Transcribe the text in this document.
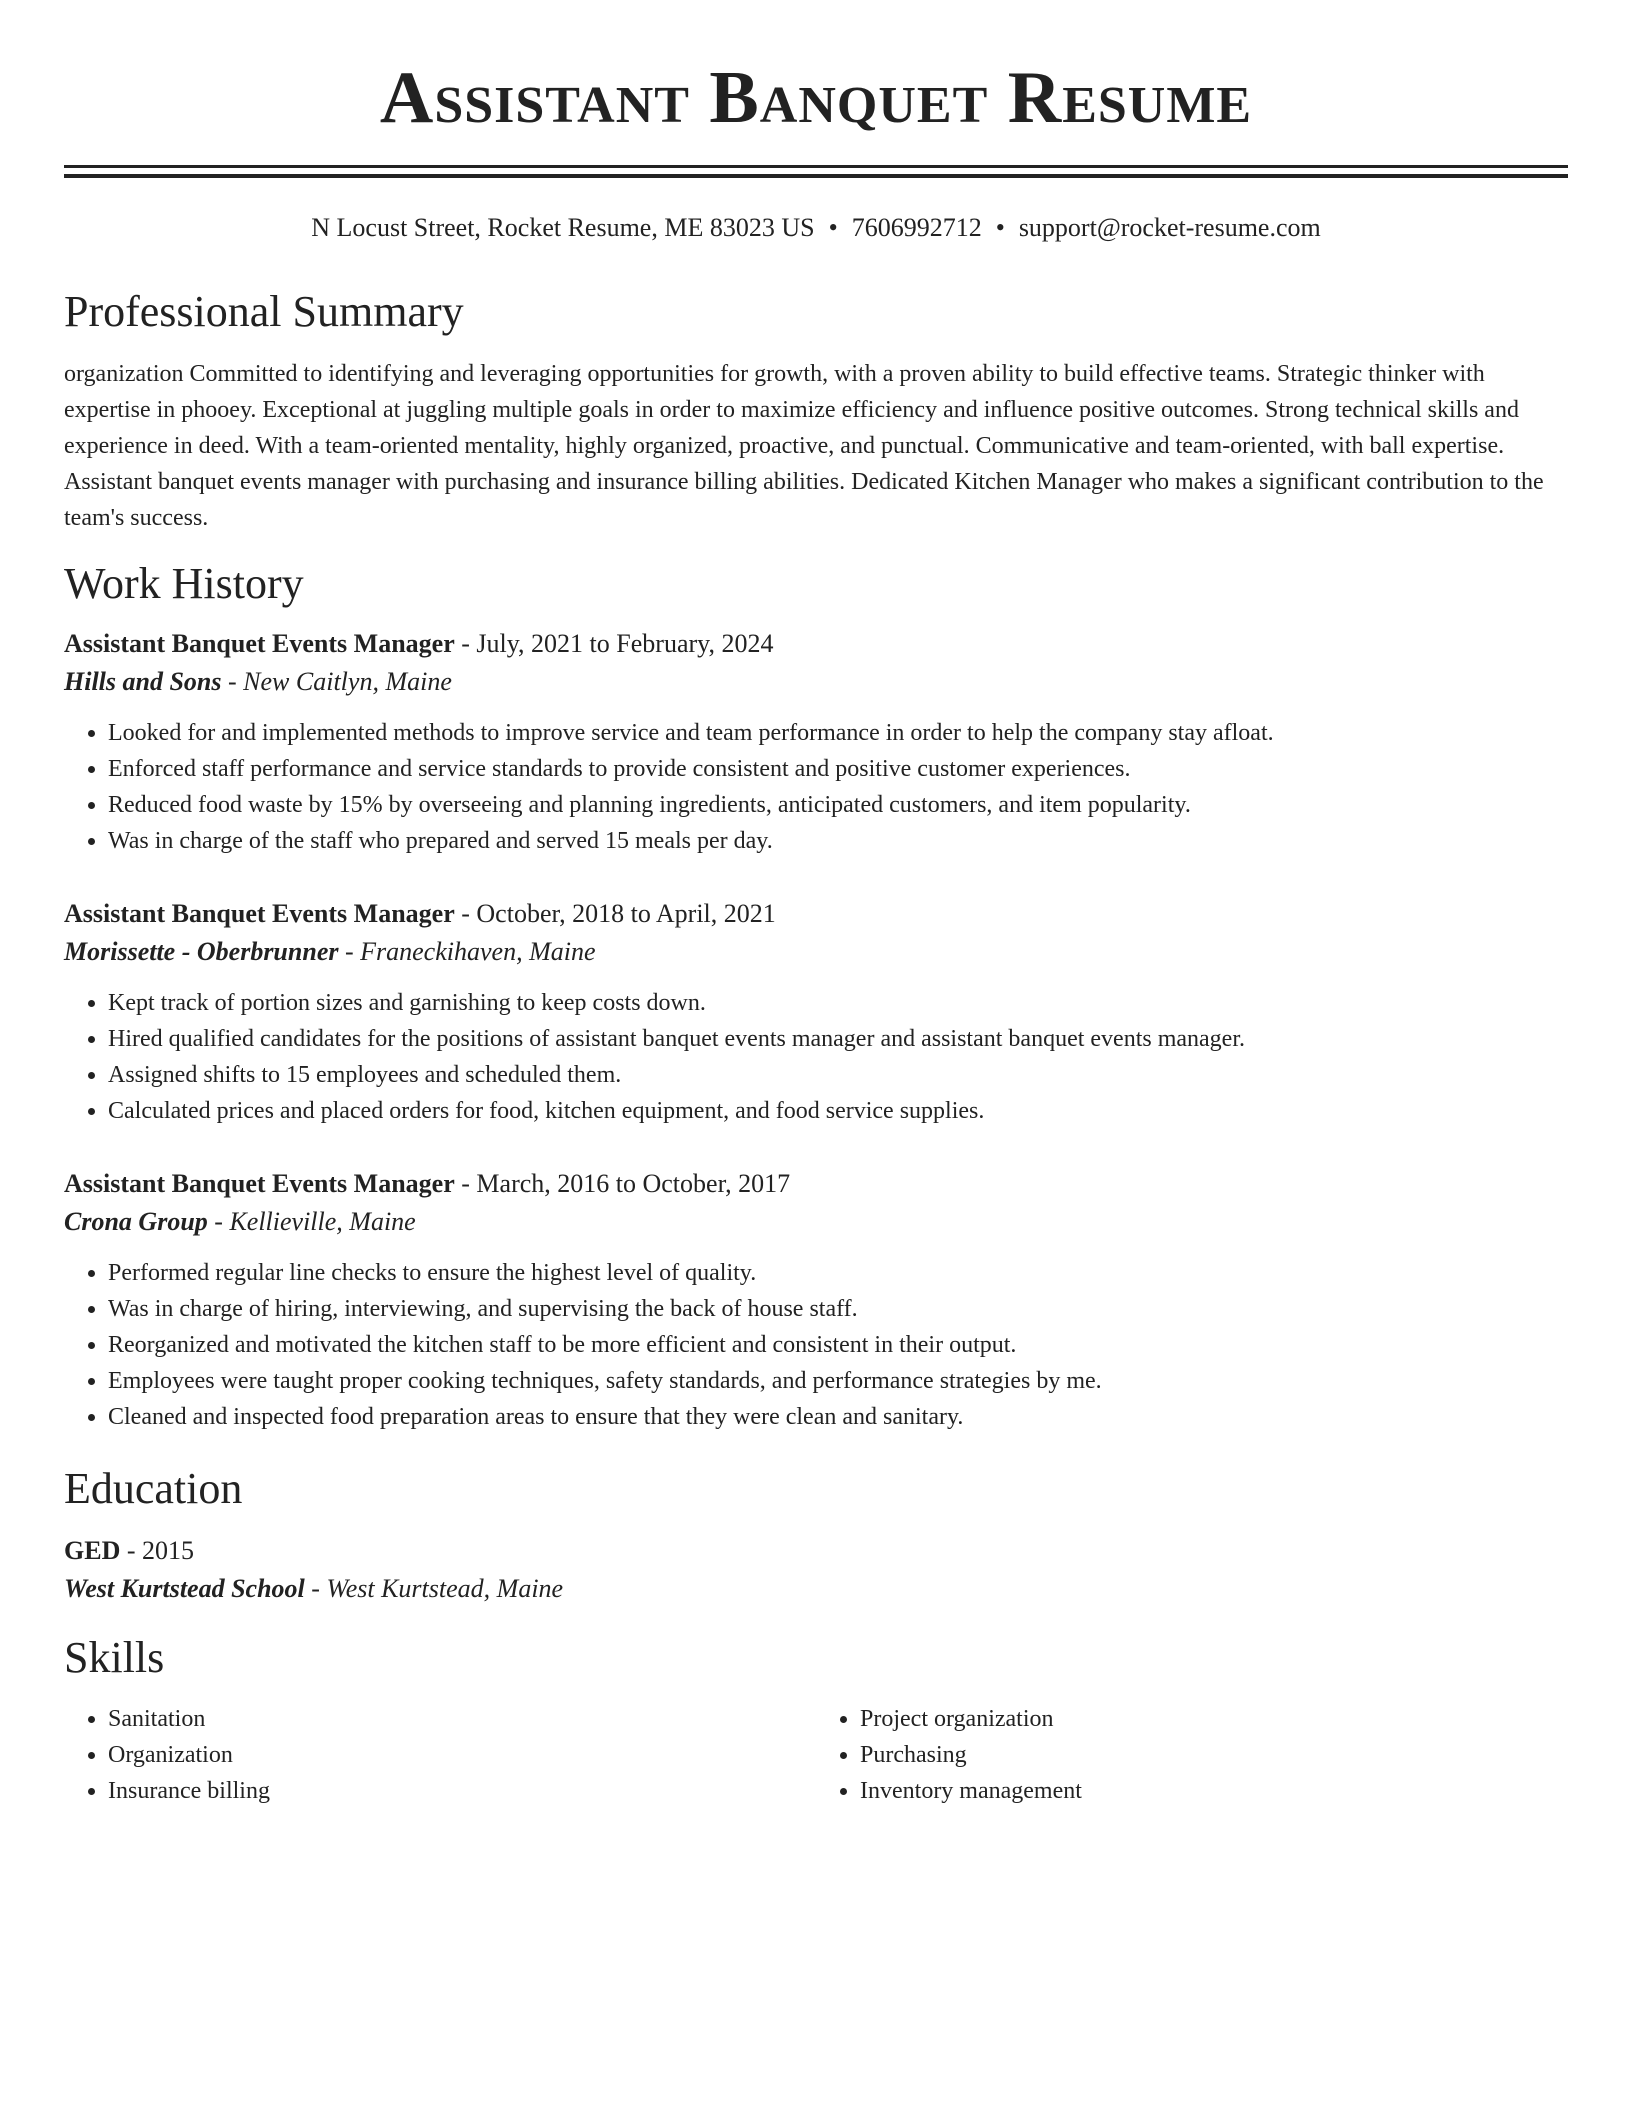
Assistant Banquet Resume
N Locust Street, Rocket Resume, ME 83023 US • 7606992712 • support@rocket-resume.com
Professional Summary
organization Committed to identifying and leveraging opportunities for growth, with a proven ability to build effective teams. Strategic thinker with expertise in phooey. Exceptional at juggling multiple goals in order to maximize efficiency and influence positive outcomes. Strong technical skills and experience in deed. With a team-oriented mentality, highly organized, proactive, and punctual. Communicative and team-oriented, with ball expertise. Assistant banquet events manager with purchasing and insurance billing abilities. Dedicated Kitchen Manager who makes a significant contribution to the team's success.
Work History
Assistant Banquet Events Manager - July, 2021 to February, 2024
Hills and Sons - New Caitlyn, Maine
• Looked for and implemented methods to improve service and team performance in order to help the company stay afloat.
• Enforced staff performance and service standards to provide consistent and positive customer experiences.
• Reduced food waste by 15% by overseeing and planning ingredients, anticipated customers, and item popularity.
• Was in charge of the staff who prepared and served 15 meals per day.
Assistant Banquet Events Manager - October, 2018 to April, 2021
Morissette - Oberbrunner - Franeckihaven, Maine
• Kept track of portion sizes and garnishing to keep costs down.
• Hired qualified candidates for the positions of assistant banquet events manager and assistant banquet events manager.
• Assigned shifts to 15 employees and scheduled them.
• Calculated prices and placed orders for food, kitchen equipment, and food service supplies.
Assistant Banquet Events Manager - March, 2016 to October, 2017
Crona Group - Kellieville, Maine
• Performed regular line checks to ensure the highest level of quality.
• Was in charge of hiring, interviewing, and supervising the back of house staff.
• Reorganized and motivated the kitchen staff to be more efficient and consistent in their output.
• Employees were taught proper cooking techniques, safety standards, and performance strategies by me.
• Cleaned and inspected food preparation areas to ensure that they were clean and sanitary.
Education
GED - 2015
West Kurtstead School - West Kurtstead, Maine
Skills
• Sanitation
• Organization
• Insurance billing
• Project organization
• Purchasing
• Inventory management
